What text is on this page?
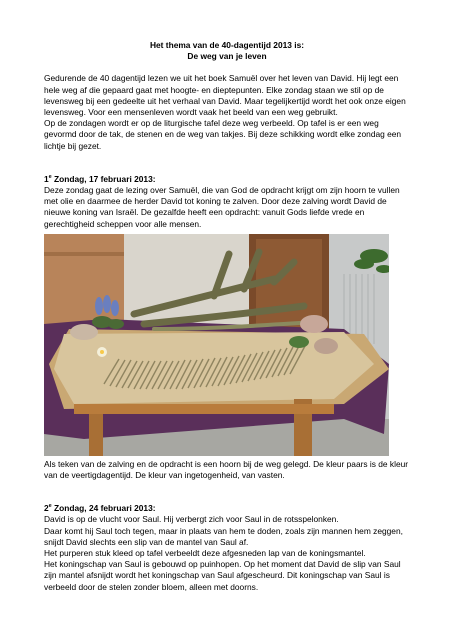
Het thema van de 40-dagentijd 2013 is:

De weg van je leven

Gedurende de 40 dagentijd lezen we uit het boek Samuël over het leven van David. Hij legt een hele weg af die gepaard gaat met hoogte- en dieptepunten. Elke zondag staan we stil op de levensweg bij een gedeelte uit het verhaal van David. Maar tegelijkertijd wordt het ook onze eigen levensweg. Voor een mensenleven wordt vaak het beeld van een weg gebruikt.

Op de zondagen wordt er op de liturgische tafel deze weg verbeeld. Op tafel is er een weg gevormd door de tak, de stenen en de weg van takjes. Bij deze schikking wordt elke zondag een lichtje bij gezet.

1e Zondag, 17 februari 2013:

Deze zondag gaat de lezing over Samuël, die van God de opdracht krijgt om zijn hoorn te vullen met olie en daarmee de herder David tot koning te zalven. Door deze zalving wordt David de nieuwe koning van Israël. De gezalfde heeft een opdracht: vanuit Gods liefde vrede en gerechtigheid scheppen voor alle mensen.

Als teken van de zalving en de opdracht is een hoorn bij de weg gelegd. De kleur paars is de kleur van de veertigdagentijd. De kleur van ingetogenheid, van vasten.

2e Zondag, 24 februari 2013:

David is op de vlucht voor Saul. Hij verbergt zich voor Saul in de rotsspelonken.

Daar komt hij Saul toch tegen, maar in plaats van hem te doden, zoals zijn mannen hem zeggen, snijdt David slechts een slip van de mantel van Saul af.

Het purperen stuk kleed op tafel verbeeldt deze afgesneden lap van de koningsmantel.

Het koningschap van Saul is gebouwd op puinhopen. Op het moment dat David de slip van Saul zijn mantel afsnijdt wordt het koningschap van Saul afgescheurd. Dit koningschap van Saul is verbeeld door de stelen zonder bloem, alleen met doorns.
